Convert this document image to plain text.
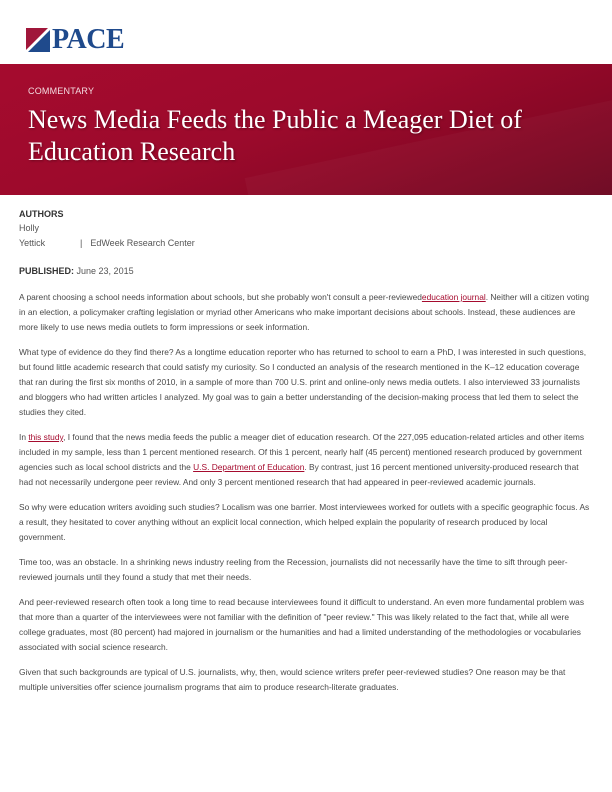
PACE
COMMENTARY
News Media Feeds the Public a Meager Diet of Education Research
AUTHORS
Holly
Yettick	| EdWeek Research Center
PUBLISHED: June 23, 2015

A parent choosing a school needs information about schools, but she probably won't consult a peer-reviewededucation journal. Neither will a citizen voting in an election, a policymaker crafting legislation or myriad other Americans who make important decisions about schools. Instead, these audiences are more likely to use news media outlets to form impressions or seek information.

What type of evidence do they find there? As a longtime education reporter who has returned to school to earn a PhD, I was interested in such questions, but found little academic research that could satisfy my curiosity. So I conducted an analysis of the research mentioned in the K–12 education coverage that ran during the first six months of 2010, in a sample of more than 700 U.S. print and online-only news media outlets. I also interviewed 33 journalists and bloggers who had written articles I analyzed. My goal was to gain a better understanding of the decision-making process that led them to select the studies they cited.

In this study, I found that the news media feeds the public a meager diet of education research. Of the 227,095 education-related articles and other items included in my sample, less than 1 percent mentioned research. Of this 1 percent, nearly half (45 percent) mentioned research produced by government agencies such as local school districts and the U.S. Department of Education. By contrast, just 16 percent mentioned university-produced research that had not necessarily undergone peer review. And only 3 percent mentioned research that had appeared in peer-reviewed academic journals.

So why were education writers avoiding such studies? Localism was one barrier. Most interviewees worked for outlets with a specific geographic focus. As a result, they hesitated to cover anything without an explicit local connection, which helped explain the popularity of research produced by local government.

Time too, was an obstacle. In a shrinking news industry reeling from the Recession, journalists did not necessarily have the time to sift through peer-reviewed journals until they found a study that met their needs.

And peer-reviewed research often took a long time to read because interviewees found it difficult to understand. An even more fundamental problem was that more than a quarter of the interviewees were not familiar with the definition of "peer review." This was likely related to the fact that, while all were college graduates, most (80 percent) had majored in journalism or the humanities and had a limited understanding of the methodologies or vocabularies associated with social science research.

Given that such backgrounds are typical of U.S. journalists, why, then, would science writers prefer peer-reviewed studies? One reason may be that multiple universities offer science journalism programs that aim to produce research-literate graduates.
